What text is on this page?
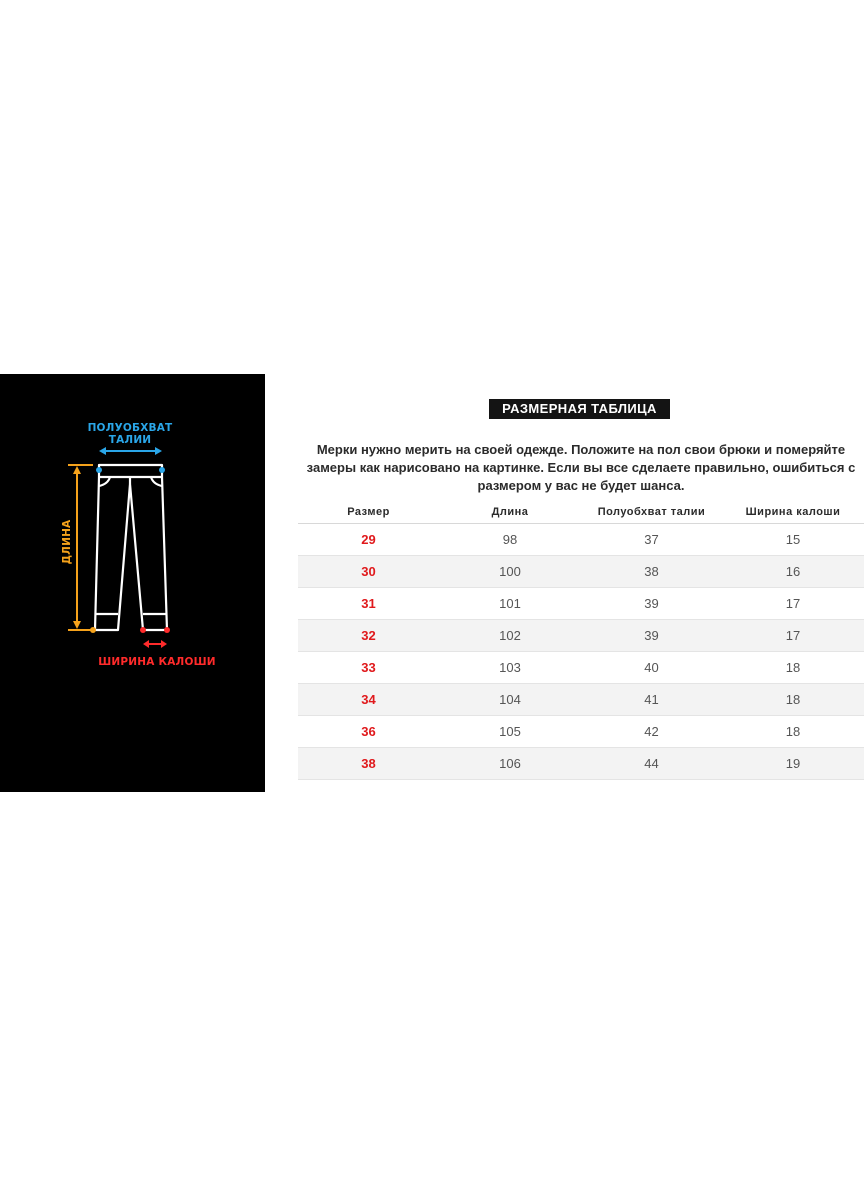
ПОЛУОБХВАТ ТАЛИИ
ДЛИНА
ШИРИНА КАЛОШИ
РАЗМЕРНАЯ ТАБЛИЦА
Мерки нужно мерить на своей одежде. Положите на пол свои брюки и померяйте замеры как нарисовано на картинке. Если вы все сделаете правильно, ошибиться с размером у вас не будет шанса.
Размер	Длина	Полуобхват талии	Ширина калоши
29	98	37	15
30	100	38	16
31	101	39	17
32	102	39	17
33	103	40	18
34	104	41	18
36	105	42	18
38	106	44	19
